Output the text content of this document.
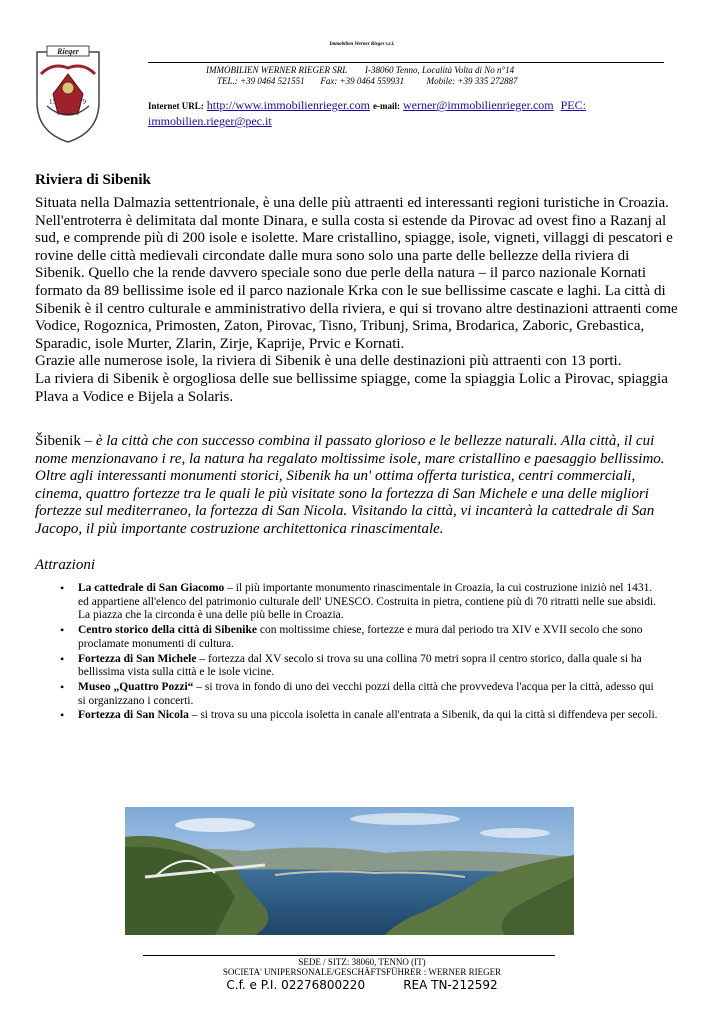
Rieger
15	79
Immobilien Werner Rieger s.r.l.
IMMOBILIEN WERNER RIEGER SRL        I-38060 Tenno, Località Volta di No n°14
TEL.: +39 0464 521551       Fax: +39 0464 559931          Mobile: +39 335 272887
Internet URL: http://www.immobilienrieger.com e-mail: werner@immobilienrieger.com PEC:
immobilien.rieger@pec.it
Riviera di Sibenik
Situata nella Dalmazia settentrionale, è una delle più attraenti ed interessanti regioni turistiche in Croazia. Nell'entroterra è delimitata dal monte Dinara, e sulla costa si estende da Pirovac ad ovest fino a Razanj al sud, e comprende più di 200 isole e isolette. Mare cristallino, spiagge, isole, vigneti, villaggi di pescatori e rovine delle città medievali circondate dalle mura sono solo una parte delle bellezze della riviera di Sibenik. Quello che la rende davvero speciale sono due perle della natura – il parco nazionale Kornati formato da 89 bellissime isole ed il parco nazionale Krka con le sue bellissime cascate e laghi. La città di Sibenik è il centro culturale e amministrativo della riviera, e qui si trovano altre destinazioni attraenti come Vodice, Rogoznica, Primosten, Zaton, Pirovac, Tisno, Tribunj, Srima, Brodarica, Zaboric, Grebastica, Sparadic, isole Murter, Zlarin, Zirje, Kaprije, Prvic e Kornati.
Grazie alle numerose isole, la riviera di Sibenik è una delle destinazioni più attraenti con 13 porti.
La riviera di Sibenik è orgogliosa delle sue bellissime spiagge, come la spiaggia Lolic a Pirovac, spiaggia Plava a Vodice e Bijela a Solaris.
Šibenik – è la città che con successo combina il passato glorioso e le bellezze naturali. Alla città, il cui nome menzionavano i re, la natura ha regalato moltissime isole, mare cristallino e paesaggio bellissimo. Oltre agli interessanti monumenti storici, Sibenik ha un' ottima offerta turistica, centri commerciali, cinema, quattro fortezze tra le quali le più visitate sono la fortezza di San Michele e una delle migliori fortezze sul mediterraneo, la fortezza di San Nicola. Visitando la città, vi incanterà la cattedrale di San Jacopo, il più importante costruzione architettonica rinascimentale.
Attrazioni
• La cattedrale di San Giacomo – il più importante monumento rinascimentale in Croazia, la cui costruzione iniziò nel 1431. ed appartiene all'elenco del patrimonio culturale dell' UNESCO. Costruita in pietra, contiene più di 70 ritratti nelle sue absidi. La piazza che la circonda è una delle più belle in Croazia.
• Centro storico della città di Sibenike con moltissime chiese, fortezze e mura dal periodo tra XIV e XVII secolo che sono proclamate monumenti di cultura.
• Fortezza di San Michele – fortezza dal XV secolo si trova su una collina 70 metri sopra il centro storico, dalla quale si ha bellissima vista sulla città e le isole vicine.
• Museo „Quattro Pozzi“ – si trova in fondo di uno dei vecchi pozzi della città che provvedeva l'acqua per la città, adesso qui si organizzano i concerti.
• Fortezza di San Nicola – si trova su una piccola isoletta in canale all'entrata a Sibenik, da qui la città si diffendeva per secoli.
SEDE / SITZ: 38060, TENNO (IT)
SOCIETA' UNIPERSONALE/GESCHÄFTSFÜHRER : WERNER RIEGER
C.f. e P.I. 02276800220          REA TN-212592
